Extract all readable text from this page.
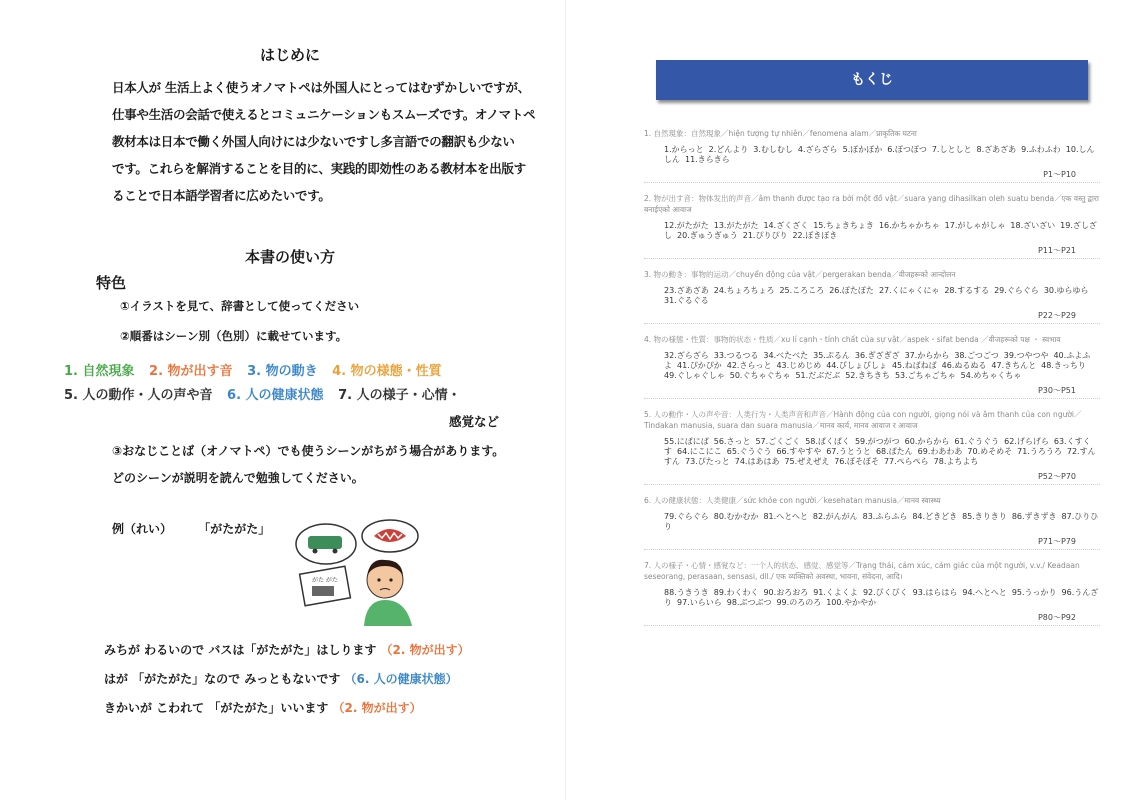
はじめに
日本人が 生活上よく使うオノマトペは外国人にとってはむずかしいですが、
仕事や生活の会話で使えるとコミュニケーションもスムーズです。オノマトペ
教材本は日本で働く外国人向けには少ないですし多言語での翻訳も少ない
です。これらを解消することを目的に、実践的即効性のある教材本を出版す
ることで日本語学習者に広めたいです。
本書の使い方
特色
①イラストを見て、辞書として使ってください
②順番はシーン別（色別）に載せています。
1. 自然現象 2. 物が出す音 3. 物の動き 4. 物の様態・性質
5. 人の動作・人の声や音 6. 人の健康状態 7. 人の様子・心情・
感覚など
③おなじことば（オノマトペ）でも使うシーンがちがう場合があります。
どのシーンが説明を読んで勉強してください。
例（れい） 「がたがた」
がた がた
みちが わるいので バスは「がたがた」はしります （2. 物が出す）
はが 「がたがた」なので みっともないです （6. 人の健康状態）
きかいが こわれて 「がたがた」いいます （2. 物が出す）
もくじ
1. 自然現象：自然現象／hiện tượng tự nhiên／fenomena alam／प्राकृतिक घटना
1.からっと 2.どんより 3.むしむし 4.ざらざら 5.ぽかぽか 6.ぽつぽつ 7.しとしと 8.ざあざあ 9.ふわふわ 10.しんしん 11.きらきら
P1～P10
2. 物が出す音：物体发出的声音／âm thanh được tạo ra bởi một đồ vật／suara yang dihasilkan oleh suatu benda／एक वस्तु द्वारा बनाईएको आवाज
12.がたがた 13.がたがた 14.ざくざく 15.ちょきちょき 16.かちゃかちゃ 17.がしゃがしゃ 18.ざいざい 19.ざしざし 20.ぎゅうぎゅう 21.ぴりぴり 22.ぼきぼき
P11～P21
3. 物の動き：事物的运动／chuyển động của vật／pergerakan benda／वीजहरूको आन्दोलन
23.ざあざあ 24.ちょろちょろ 25.ころころ 26.ぽたぽた 27.くにゃくにゃ 28.するする 29.ぐらぐら 30.ゆらゆら31.ぐるぐる
P22～P29
4. 物の様態・性質：事物的状态・性质／xu lí cạnh・tính chất của sự vật／aspek・sifat benda ／वीजहरूको पक्ष ・ स्वभाव
32.ざらざら 33.つるつる 34.べたべた 35.ぷるん 36.ぎざぎざ 37.からから 38.ごつごつ 39.つやつや 40.ふよふよ 41.ぴかぴか 42.さらっと 43.じめじめ 44.びしょびしょ 45.ねばねば 46.ぬるぬる 47.きちんと 48.きっちり49.ぐしゃぐしゃ 50.ぐちゃぐちゃ 51.だぶだぶ 52.きちきち 53.ごちゃごちゃ 54.めちゃくちゃ
P30～P51
5. 人の動作・人の声や音：人类行为・人类声音和声音／Hành động của con người, giọng nói và âm thanh của con người／Tindakan manusia, suara dan suara manusia／मानव कार्य, मानव आवाज र आवाज
55.にぱにぱ 56.さっと 57.ごくごく 58.ぱくぱく 59.がつがつ 60.からから 61.ぐうぐう 62.げらげら 63.くすくす 64.にこにこ 65.ぐうぐう 66.すやすや 67.うとうと 68.ぱたん 69.わあわあ 70.めそめそ 71.うろうろ 72.すんすん 73.ぴたっと 74.はあはあ 75.ぜえぜえ 76.ぼそぼそ 77.ぺらぺら 78.よちよち
P52～P70
6. 人の健康状態：人类健康／sức khỏe con người／kesehatan manusia／मानव स्वास्थ्य
79.ぐらぐら 80.むかむか 81.へとへと 82.がんがん 83.ふらふら 84.どきどき 85.きりきり 86.ずきずき 87.ひりひり
P71～P79
7. 人の様子・心情・感覚など：一个人的状态、感觉、感觉等／Trạng thái, cảm xúc, cảm giác của một người, v.v./ Keadaan seseorang, perasaan, sensasi, dll./ एक व्यक्तिको अवस्था, भावना, संवेदना, आदि।
88.うきうき 89.わくわく 90.おろおろ 91.くよくよ 92.びくびく 93.はらはら 94.へとへと 95.うっかり 96.うんざり 97.いらいら 98.ぶつぶつ 99.のろのろ 100.やかやか
P80～P92
